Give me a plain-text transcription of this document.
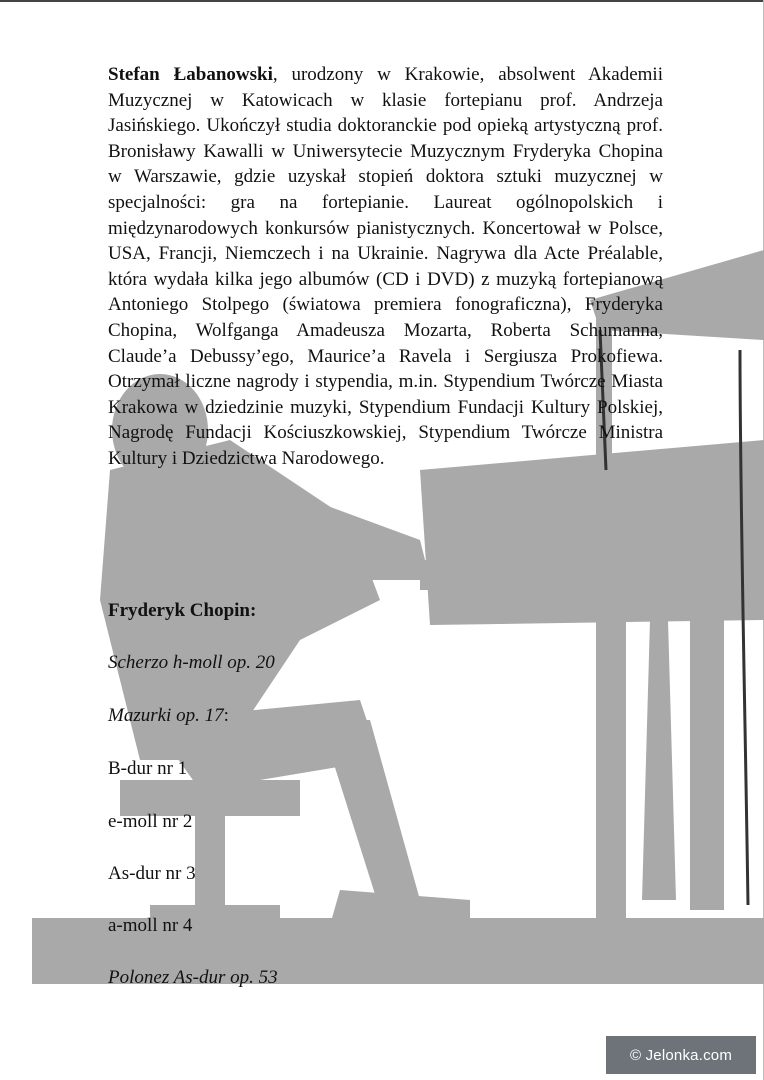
Stefan Łabanowski, urodzony w Krakowie, absolwent Akademii Muzycznej w Katowicach w klasie fortepianu prof. Andrzeja Jasińskiego. Ukończył studia doktoranckie pod opieką artystyczną prof. Bronisławy Kawalli w Uniwersytecie Muzycznym Fryderyka Chopina w Warszawie, gdzie uzyskał stopień doktora sztuki muzycznej w specjalności: gra na fortepianie. Laureat ogólnopolskich i międzynarodowych konkursów pianistycznych. Koncertował w Polsce, USA, Francji, Niemczech i na Ukrainie. Nagrywa dla Acte Préalable, która wydała kilka jego albumów (CD i DVD) z muzyką fortepianową Antoniego Stolpego (światowa premiera fonograficzna), Fryderyka Chopina, Wolfganga Amadeusza Mozarta, Roberta Schumanna, Claude’a Debussy’ego, Maurice’a Ravela i Sergiusza Prokofiewa. Otrzymał liczne nagrody i stypendia, m.in. Stypendium Twórcze Miasta Krakowa w dziedzinie muzyki, Stypendium Fundacji Kultury Polskiej, Nagrodę Fundacji Kościuszkowskiej, Stypendium Twórcze Ministra Kultury i Dziedzictwa Narodowego.

Fryderyk Chopin:

Scherzo h-moll op. 20

Mazurki op. 17:

B-dur nr 1

e-moll nr 2

As-dur nr 3

a-moll nr 4

Polonez As-dur op. 53

© Jelonka.com
